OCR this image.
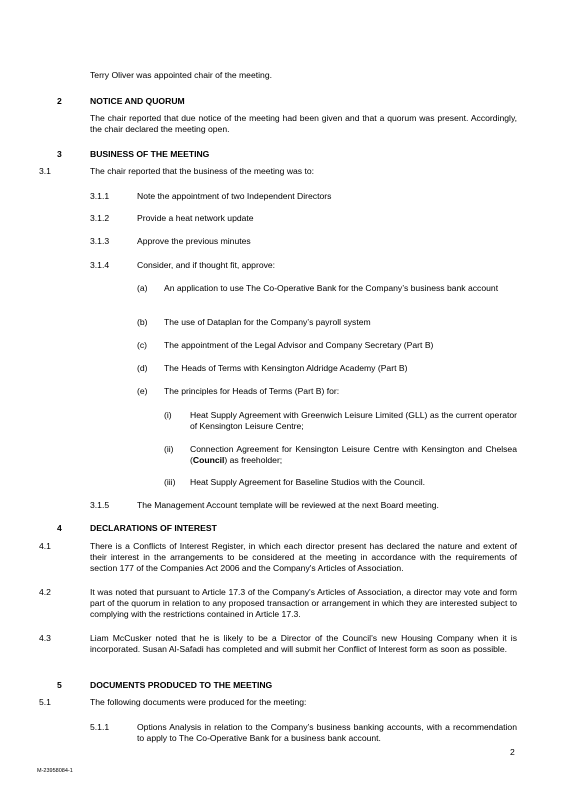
Terry Oliver was appointed chair of the meeting.
2	NOTICE AND QUORUM
The chair reported that due notice of the meeting had been given and that a quorum was present. Accordingly, the chair declared the meeting open.
3	BUSINESS OF THE MEETING
3.1	The chair reported that the business of the meeting was to:
3.1.1	Note the appointment of two Independent Directors
3.1.2	Provide a heat network update
3.1.3	Approve the previous minutes
3.1.4	Consider, and if thought fit, approve:
(a) An application to use The Co-Operative Bank for the Company’s business bank account
(b) The use of Dataplan for the Company’s payroll system
(c) The appointment of the Legal Advisor and Company Secretary (Part B)
(d) The Heads of Terms with Kensington Aldridge Academy (Part B)
(e) The principles for Heads of Terms (Part B) for:
(i) Heat Supply Agreement with Greenwich Leisure Limited (GLL) as the current operator of Kensington Leisure Centre;
(ii) Connection Agreement for Kensington Leisure Centre with Kensington and Chelsea (Council) as freeholder;
(iii) Heat Supply Agreement for Baseline Studios with the Council.
3.1.5	The Management Account template will be reviewed at the next Board meeting.
4	DECLARATIONS OF INTEREST
4.1	There is a Conflicts of Interest Register, in which each director present has declared the nature and extent of their interest in the arrangements to be considered at the meeting in accordance with the requirements of section 177 of the Companies Act 2006 and the Company's Articles of Association.
4.2	It was noted that pursuant to Article 17.3 of the Company's Articles of Association, a director may vote and form part of the quorum in relation to any proposed transaction or arrangement in which they are interested subject to complying with the restrictions contained in Article 17.3.
4.3	Liam McCusker noted that he is likely to be a Director of the Council’s new Housing Company when it is incorporated. Susan Al-Safadi has completed and will submit her Conflict of Interest form as soon as possible.
5	DOCUMENTS PRODUCED TO THE MEETING
5.1	The following documents were produced for the meeting:
5.1.1	Options Analysis in relation to the Company’s business banking accounts, with a recommendation to apply to The Co-Operative Bank for a business bank account.
2
M-23958084-1
